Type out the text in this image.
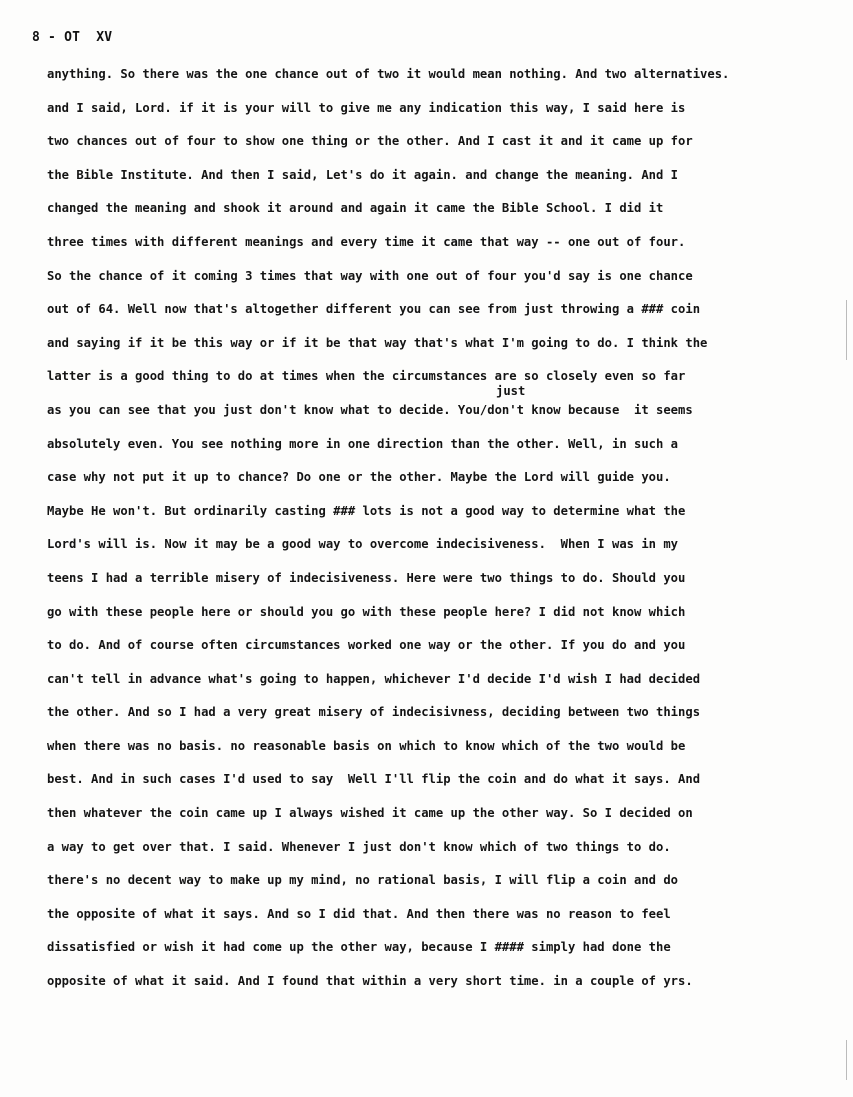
8 - OT  XV
just
anything. So there was the one chance out of two it would mean nothing. And two alternatives.
and I said, Lord. if it is your will to give me any indication this way, I said here is
two chances out of four to show one thing or the other. And I cast it and it came up for
the Bible Institute. And then I said, Let's do it again. and change the meaning. And I
changed the meaning and shook it around and again it came the Bible School. I did it
three times with different meanings and every time it came that way -- one out of four.
So the chance of it coming 3 times that way with one out of four you'd say is one chance
out of 64. Well now that's altogether different you can see from just throwing a ### coin
and saying if it be this way or if it be that way that's what I'm going to do. I think the
latter is a good thing to do at times when the circumstances are so closely even so far
as you can see that you just don't know what to decide. You/don't know because  it seems
absolutely even. You see nothing more in one direction than the other. Well, in such a
case why not put it up to chance? Do one or the other. Maybe the Lord will guide you.
Maybe He won't. But ordinarily casting ### lots is not a good way to determine what the
Lord's will is. Now it may be a good way to overcome indecisiveness.  When I was in my
teens I had a terrible misery of indecisiveness. Here were two things to do. Should you
go with these people here or should you go with these people here? I did not know which
to do. And of course often circumstances worked one way or the other. If you do and you
can't tell in advance what's going to happen, whichever I'd decide I'd wish I had decided
the other. And so I had a very great misery of indecisivness, deciding between two things
when there was no basis. no reasonable basis on which to know which of the two would be
best. And in such cases I'd used to say  Well I'll flip the coin and do what it says. And
then whatever the coin came up I always wished it came up the other way. So I decided on
a way to get over that. I said. Whenever I just don't know which of two things to do.
there's no decent way to make up my mind, no rational basis, I will flip a coin and do
the opposite of what it says. And so I did that. And then there was no reason to feel
dissatisfied or wish it had come up the other way, because I #### simply had done the
opposite of what it said. And I found that within a very short time. in a couple of yrs.
